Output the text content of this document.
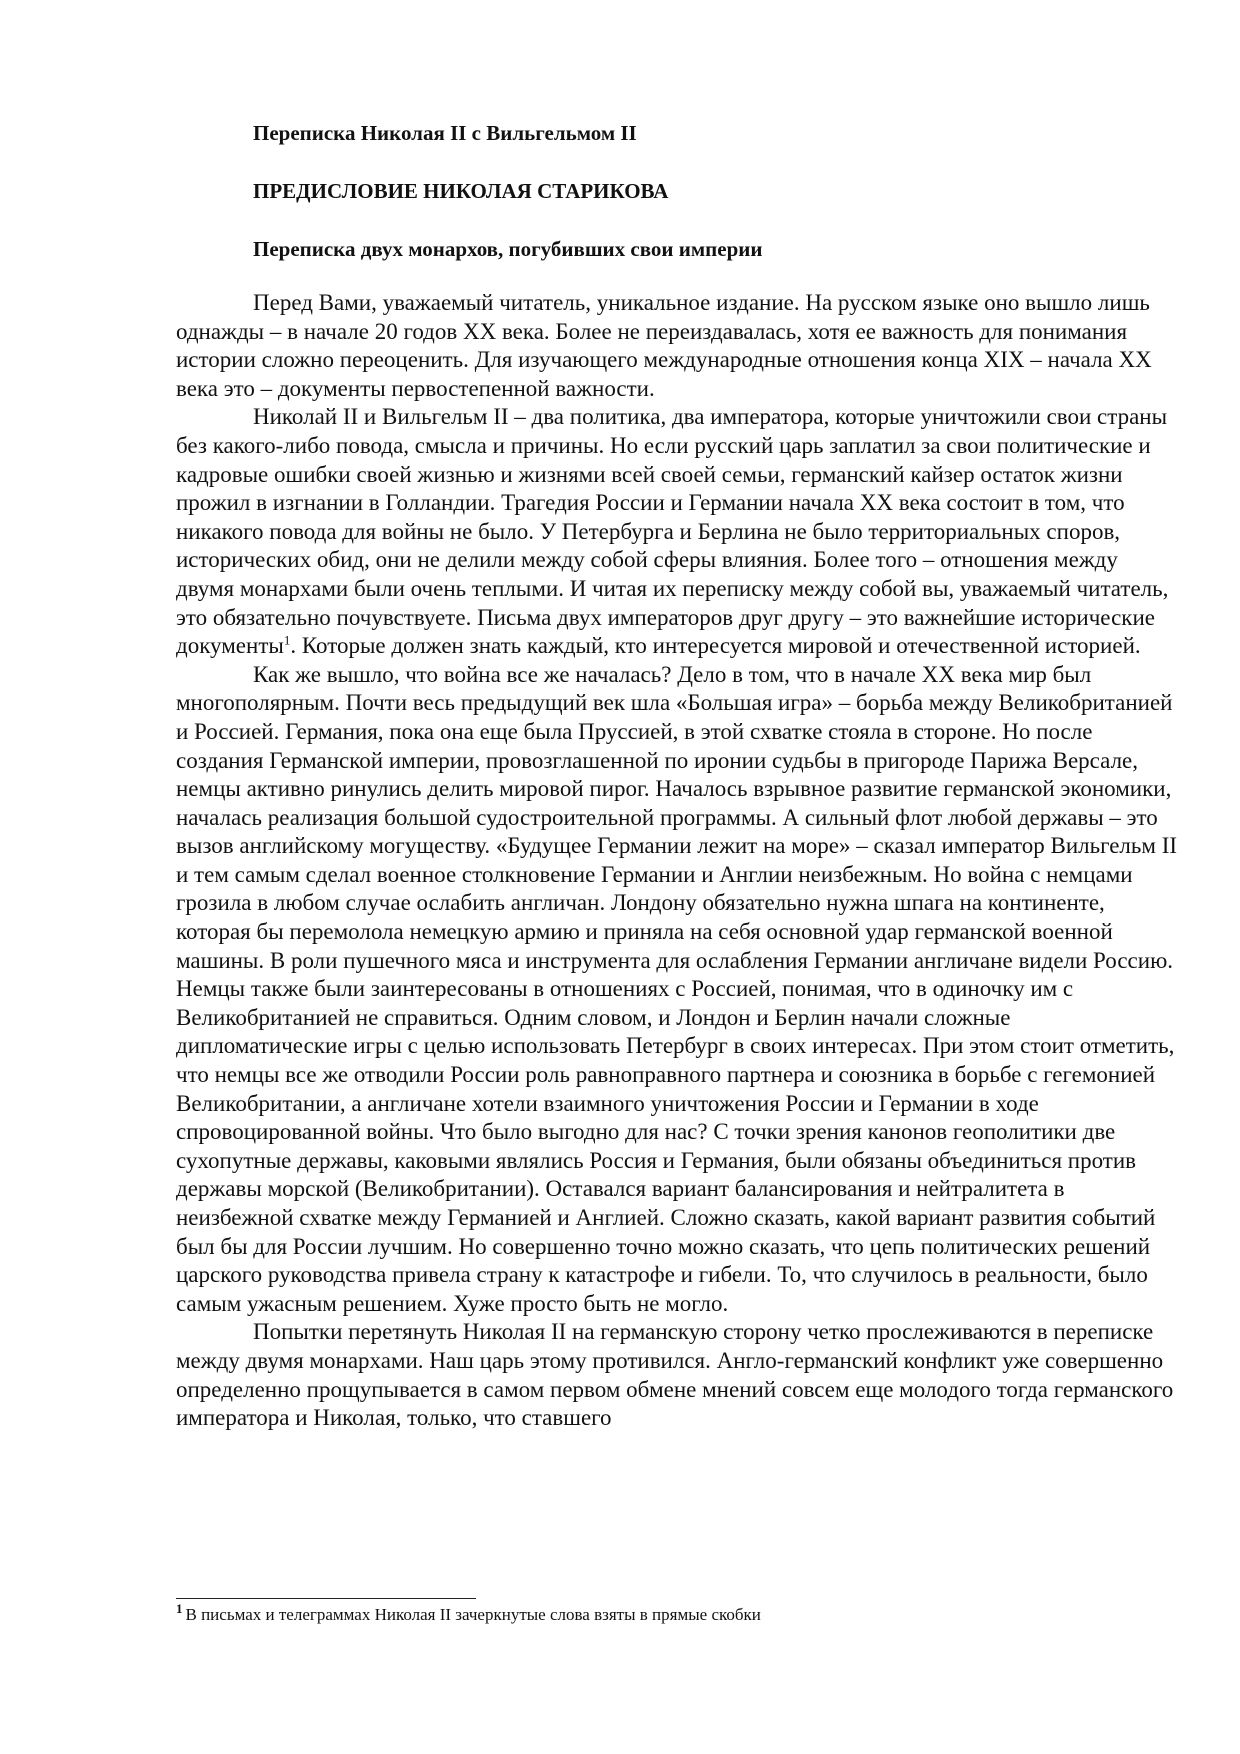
Переписка Николая II с Вильгельмом II
ПРЕДИСЛОВИЕ НИКОЛАЯ СТАРИКОВА
Переписка двух монархов, погубивших свои империи

Перед Вами, уважаемый читатель, уникальное издание. На русском языке оно вышло лишь однажды – в начале 20 годов XX века. Более не переиздавалась, хотя ее важность для понимания истории сложно переоценить. Для изучающего международные отношения конца XIX – начала XX века это – документы первостепенной важности.

Николай II и Вильгельм II – два политика, два императора, которые уничтожили свои страны без какого-либо повода, смысла и причины. Но если русский царь заплатил за свои политические и кадровые ошибки своей жизнью и жизнями всей своей семьи, германский кайзер остаток жизни прожил в изгнании в Голландии. Трагедия России и Германии начала XX века состоит в том, что никакого повода для войны не было. У Петербурга и Берлина не было территориальных споров, исторических обид, они не делили между собой сферы влияния. Более того – отношения между двумя монархами были очень теплыми. И читая их переписку между собой вы, уважаемый читатель, это обязательно почувствуете. Письма двух императоров друг другу – это важнейшие исторические документы$^1$. Которые должен знать каждый, кто интересуется мировой и отечественной историей.

Как же вышло, что война все же началась? Дело в том, что в начале XX века мир был многополярным. Почти весь предыдущий век шла «Большая игра» – борьба между Великобританией и Россией. Германия, пока она еще была Пруссией, в этой схватке стояла в стороне. Но после создания Германской империи, провозглашенной по иронии судьбы в пригороде Парижа Версале, немцы активно ринулись делить мировой пирог. Началось взрывное развитие германской экономики, началась реализация большой судостроительной программы. А сильный флот любой державы – это вызов английскому могуществу. «Будущее Германии лежит на море» – сказал император Вильгельм II и тем самым сделал военное столкновение Германии и Англии неизбежным. Но война с немцами грозила в любом случае ослабить англичан. Лондону обязательно нужна шпага на континенте, которая бы перемолола немецкую армию и приняла на себя основной удар германской военной машины. В роли пушечного мяса и инструмента для ослабления Германии англичане видели Россию. Немцы также были заинтересованы в отношениях с Россией, понимая, что в одиночку им с Великобританией не справиться. Одним словом, и Лондон и Берлин начали сложные дипломатические игры с целью использовать Петербург в своих интересах. При этом стоит отметить, что немцы все же отводили России роль равноправного партнера и союзника в борьбе с гегемонией Великобритании, а англичане хотели взаимного уничтожения России и Германии в ходе спровоцированной войны. Что было выгодно для нас? С точки зрения канонов геополитики две сухопутные державы, каковыми являлись Россия и Германия, были обязаны объединиться против державы морской (Великобритании). Оставался вариант балансирования и нейтралитета в неизбежной схватке между Германией и Англией. Сложно сказать, какой вариант развития событий был бы для России лучшим. Но совершенно точно можно сказать, что цепь политических решений царского руководства привела страну к катастрофе и гибели. То, что случилось в реальности, было самым ужасным решением. Хуже просто быть не могло.

Попытки перетянуть Николая II на германскую сторону четко прослеживаются в переписке между двумя монархами. Наш царь этому противился. Англо-германский конфликт уже совершенно определенно прощупывается в самом первом обмене мнений совсем еще молодого тогда германского императора и Николая, только, что ставшего

$^1$ В письмах и телеграммах Николая II зачеркнутые слова взяты в прямые скобки
